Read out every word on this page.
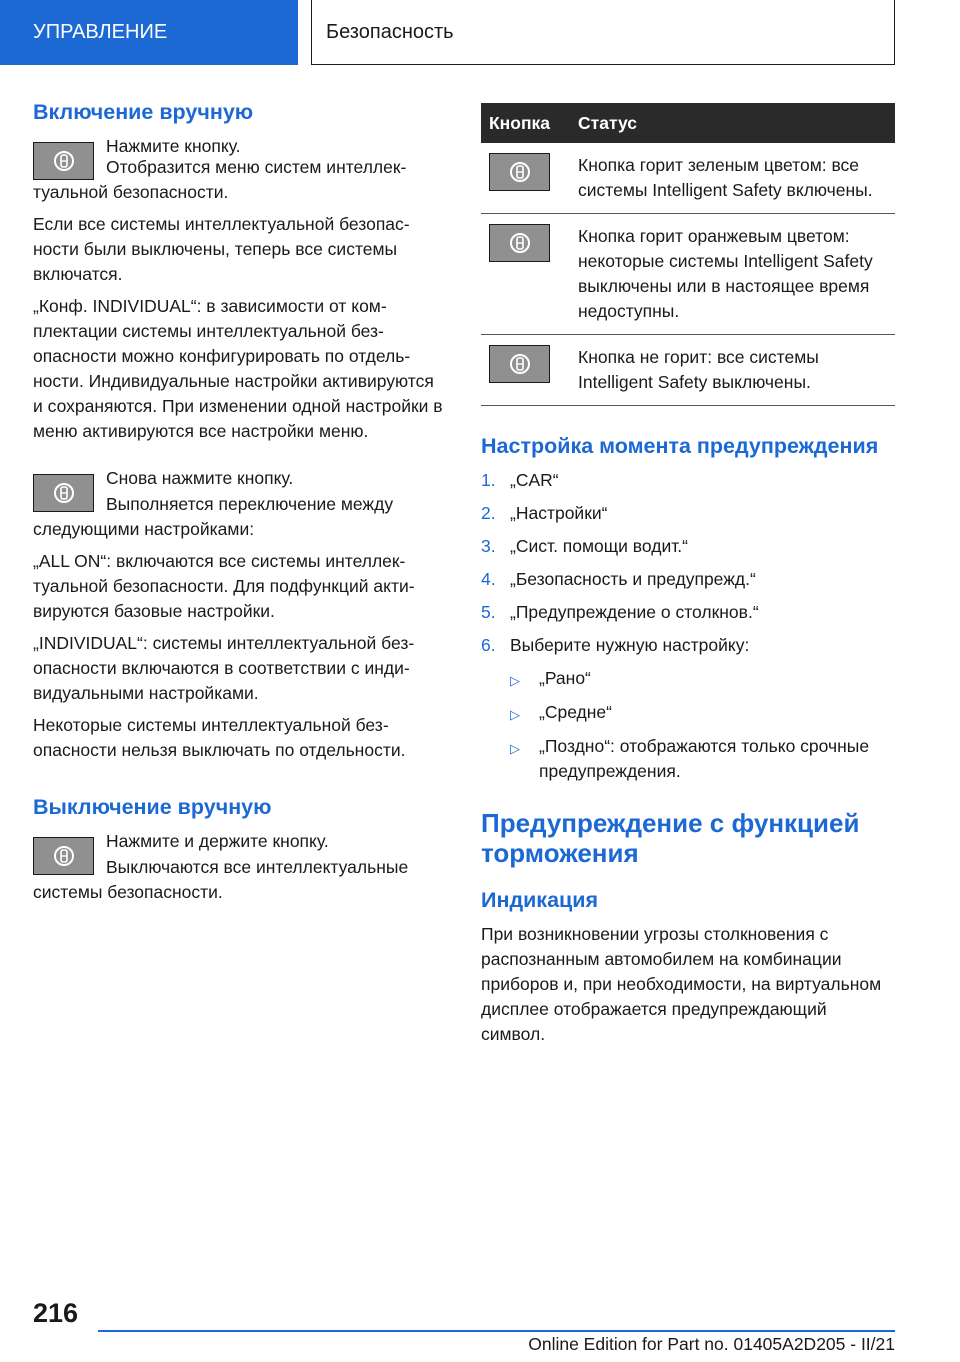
УПРАВЛЕНИЕ	Безопасность
Включение вручную

Нажмите кнопку.

Отобразится меню систем интеллектуальной безопасности.

Если все системы интеллектуальной безопасности были выключены, теперь все системы включатся.

„Конф. INDIVIDUAL“: в зависимости от комплектации системы интеллектуальной безопасности можно конфигурировать по отдельности. Индивидуальные настройки активируются и сохраняются. При изменении одной настройки в меню активируются все настройки меню.

Снова нажмите кнопку.

Выполняется переключение между следующими настройками:

„ALL ON“: включаются все системы интеллектуальной безопасности. Для подфункций активируются базовые настройки.

„INDIVIDUAL“: системы интеллектуальной безопасности включаются в соответствии с индивидуальными настройками.

Некоторые системы интеллектуальной безопасности нельзя выключать по отдельности.

Выключение вручную

Нажмите и держите кнопку.

Выключаются все интеллектуальные системы безопасности.

Кнопка	Статус

	Кнопка горит зеленым цветом: все системы Intelligent Safety включены.

	Кнопка горит оранжевым цветом: некоторые системы Intelligent Safety выключены или в настоящее время недоступны.

	Кнопка не горит: все системы Intelligent Safety выключены.
Настройка момента предупреждения
1. „CAR“
2. „Настройки“
3. „Сист. помощи водит.“
4. „Безопасность и предупрежд.“
5. „Предупреждение о столкнов.“
6. Выберите нужную настройку:
▷	„Рано“
▷	„Средне“
▷	„Поздно“: отображаются только срочные предупреждения.
Предупреждение с функцией торможения
Индикация

При возникновении угрозы столкновения с распознанным автомобилем на комбинации приборов и, при необходимости, на виртуальном дисплее отображается предупреждающий символ.

216
Online Edition for Part no. 01405A2D205 - II/21
